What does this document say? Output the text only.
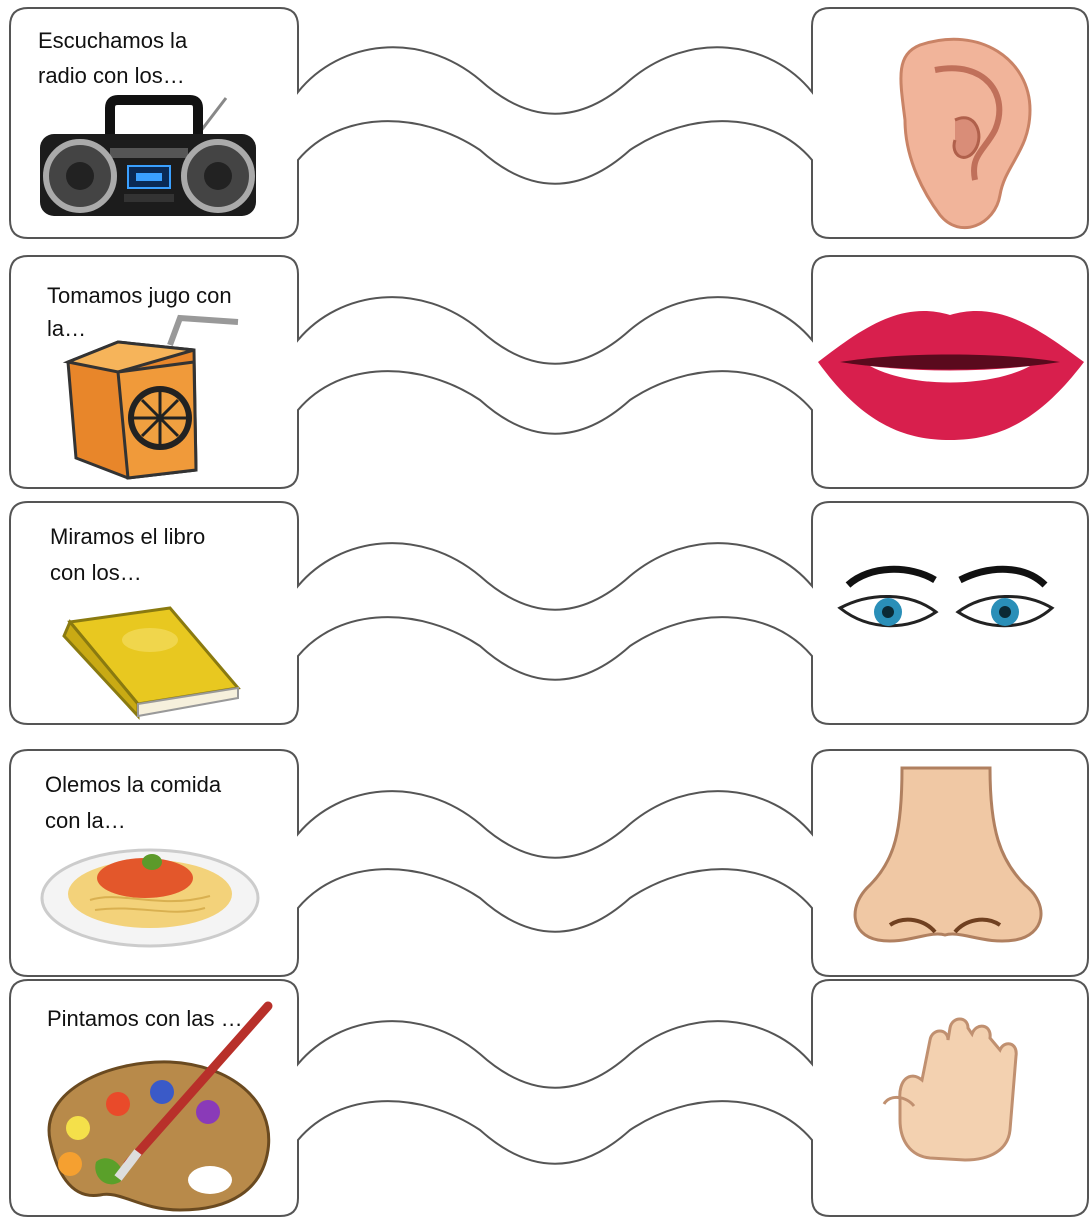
Escuchamos la
radio con los…
Tomamos jugo con
la…
Miramos el libro
con los…
Olemos la comida
con la…
Pintamos con las …
